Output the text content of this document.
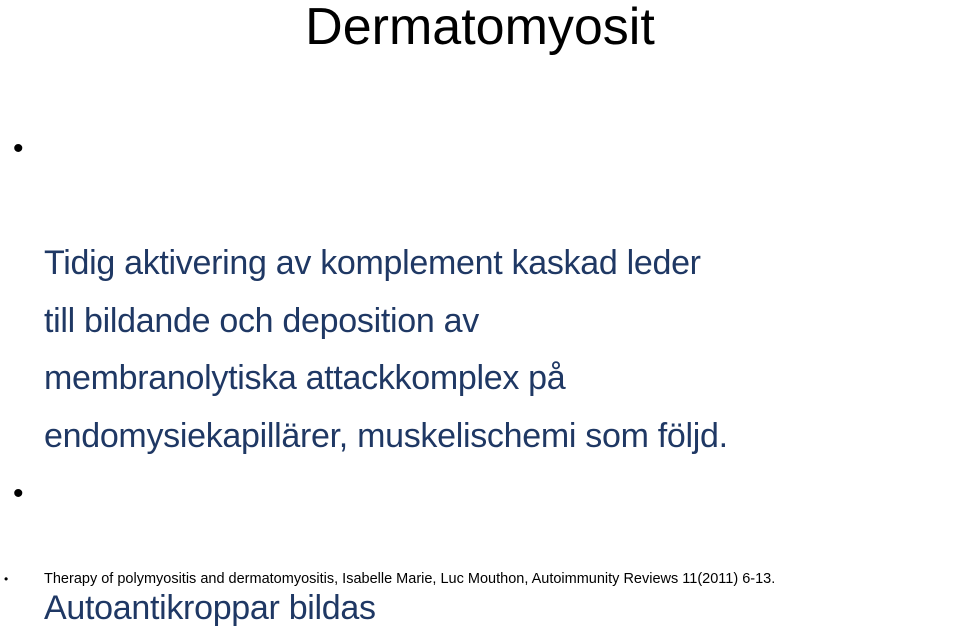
Dermatomyosit

•

Tidig aktivering av komplement kaskad leder
till bildande och deposition av
membranolytiska attackkomplex på
endomysiekapillärer, muskelischemi som följd.

•

Autoantikroppar bildas

• Therapy of polymyositis and dermatomyositis, Isabelle Marie, Luc Mouthon, Autoimmunity Reviews 11(2011) 6-13.
